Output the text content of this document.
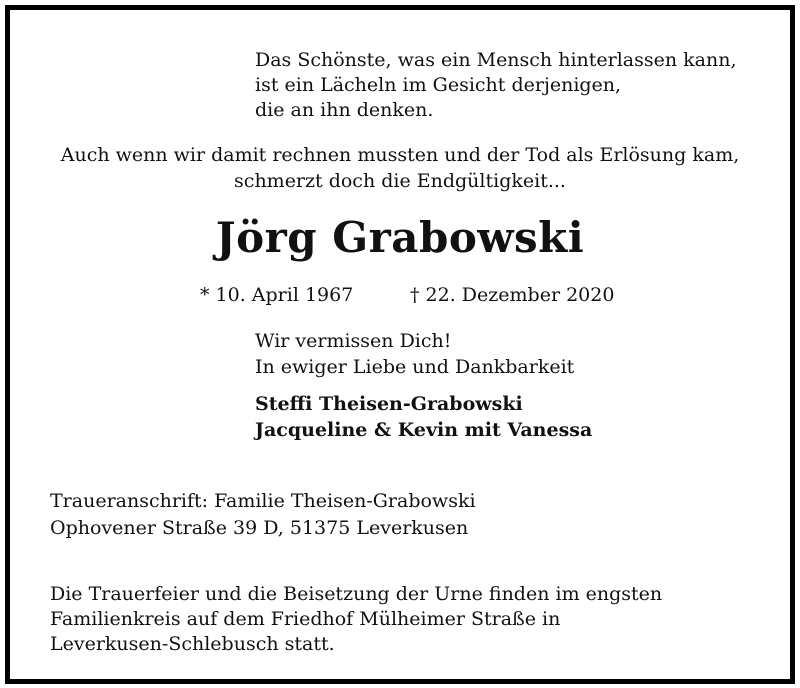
Das Schönste, was ein Mensch hinterlassen kann,
ist ein Lächeln im Gesicht derjenigen,
die an ihn denken.
Auch wenn wir damit rechnen mussten und der Tod als Erlösung kam,
schmerzt doch die Endgültigkeit...
Jörg Grabowski
* 10. April 1967	† 22. Dezember 2020
Wir vermissen Dich!
In ewiger Liebe und Dankbarkeit
Steffi Theisen-Grabowski
Jacqueline & Kevin mit Vanessa
Traueranschrift: Familie Theisen-Grabowski
Ophovener Straße 39 D, 51375 Leverkusen
Die Trauerfeier und die Beisetzung der Urne finden im engsten
Familienkreis auf dem Friedhof Mülheimer Straße in
Leverkusen-Schlebusch statt.
